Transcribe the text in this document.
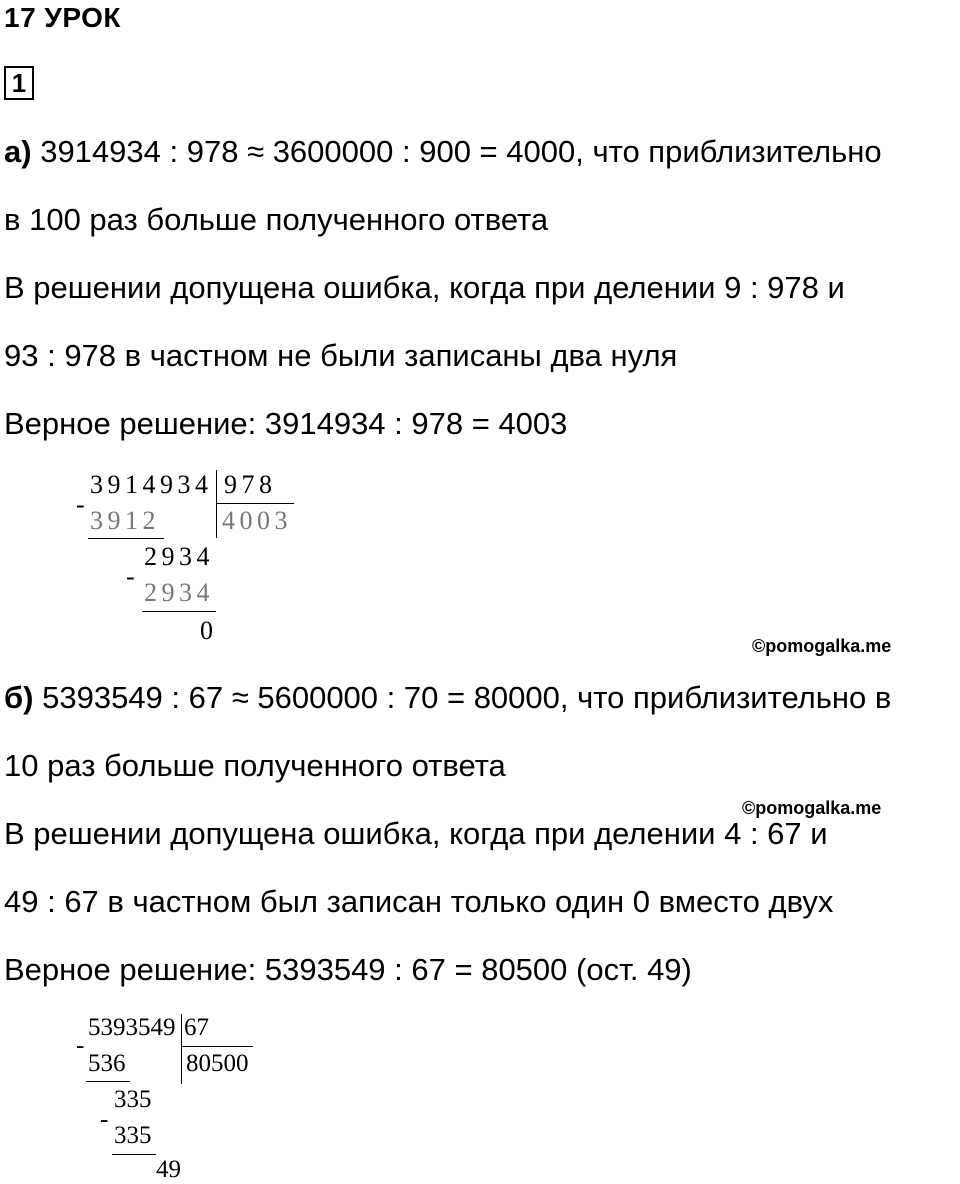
17 УРОК
1
а) 3914934 : 978 ≈ 3600000 : 900 = 4000, что приблизительно
в 100 раз больше полученного ответа
В решении допущена ошибка, когда при делении 9 : 978 и
93 : 978 в частном не были записаны два нуля
Верное решение: 3914934 : 978 = 4003
-
3 9 1 4 9 3 4 9 7 8
3 9 1 2	4 0 0 3
2 9 3 4
-
2 9 3 4
0
©pomogalka.me
б) 5393549 : 67 ≈ 5600000 : 70 = 80000, что приблизительно в
10 раз больше полученного ответа
©pomogalka.me
В решении допущена ошибка, когда при делении 4 : 67 и
49 : 67 в частном был записан только один 0 вместо двух
Верное решение: 5393549 : 67 = 80500 (ост. 49)
-
5393549 67
536 80500
335
-
335
49
